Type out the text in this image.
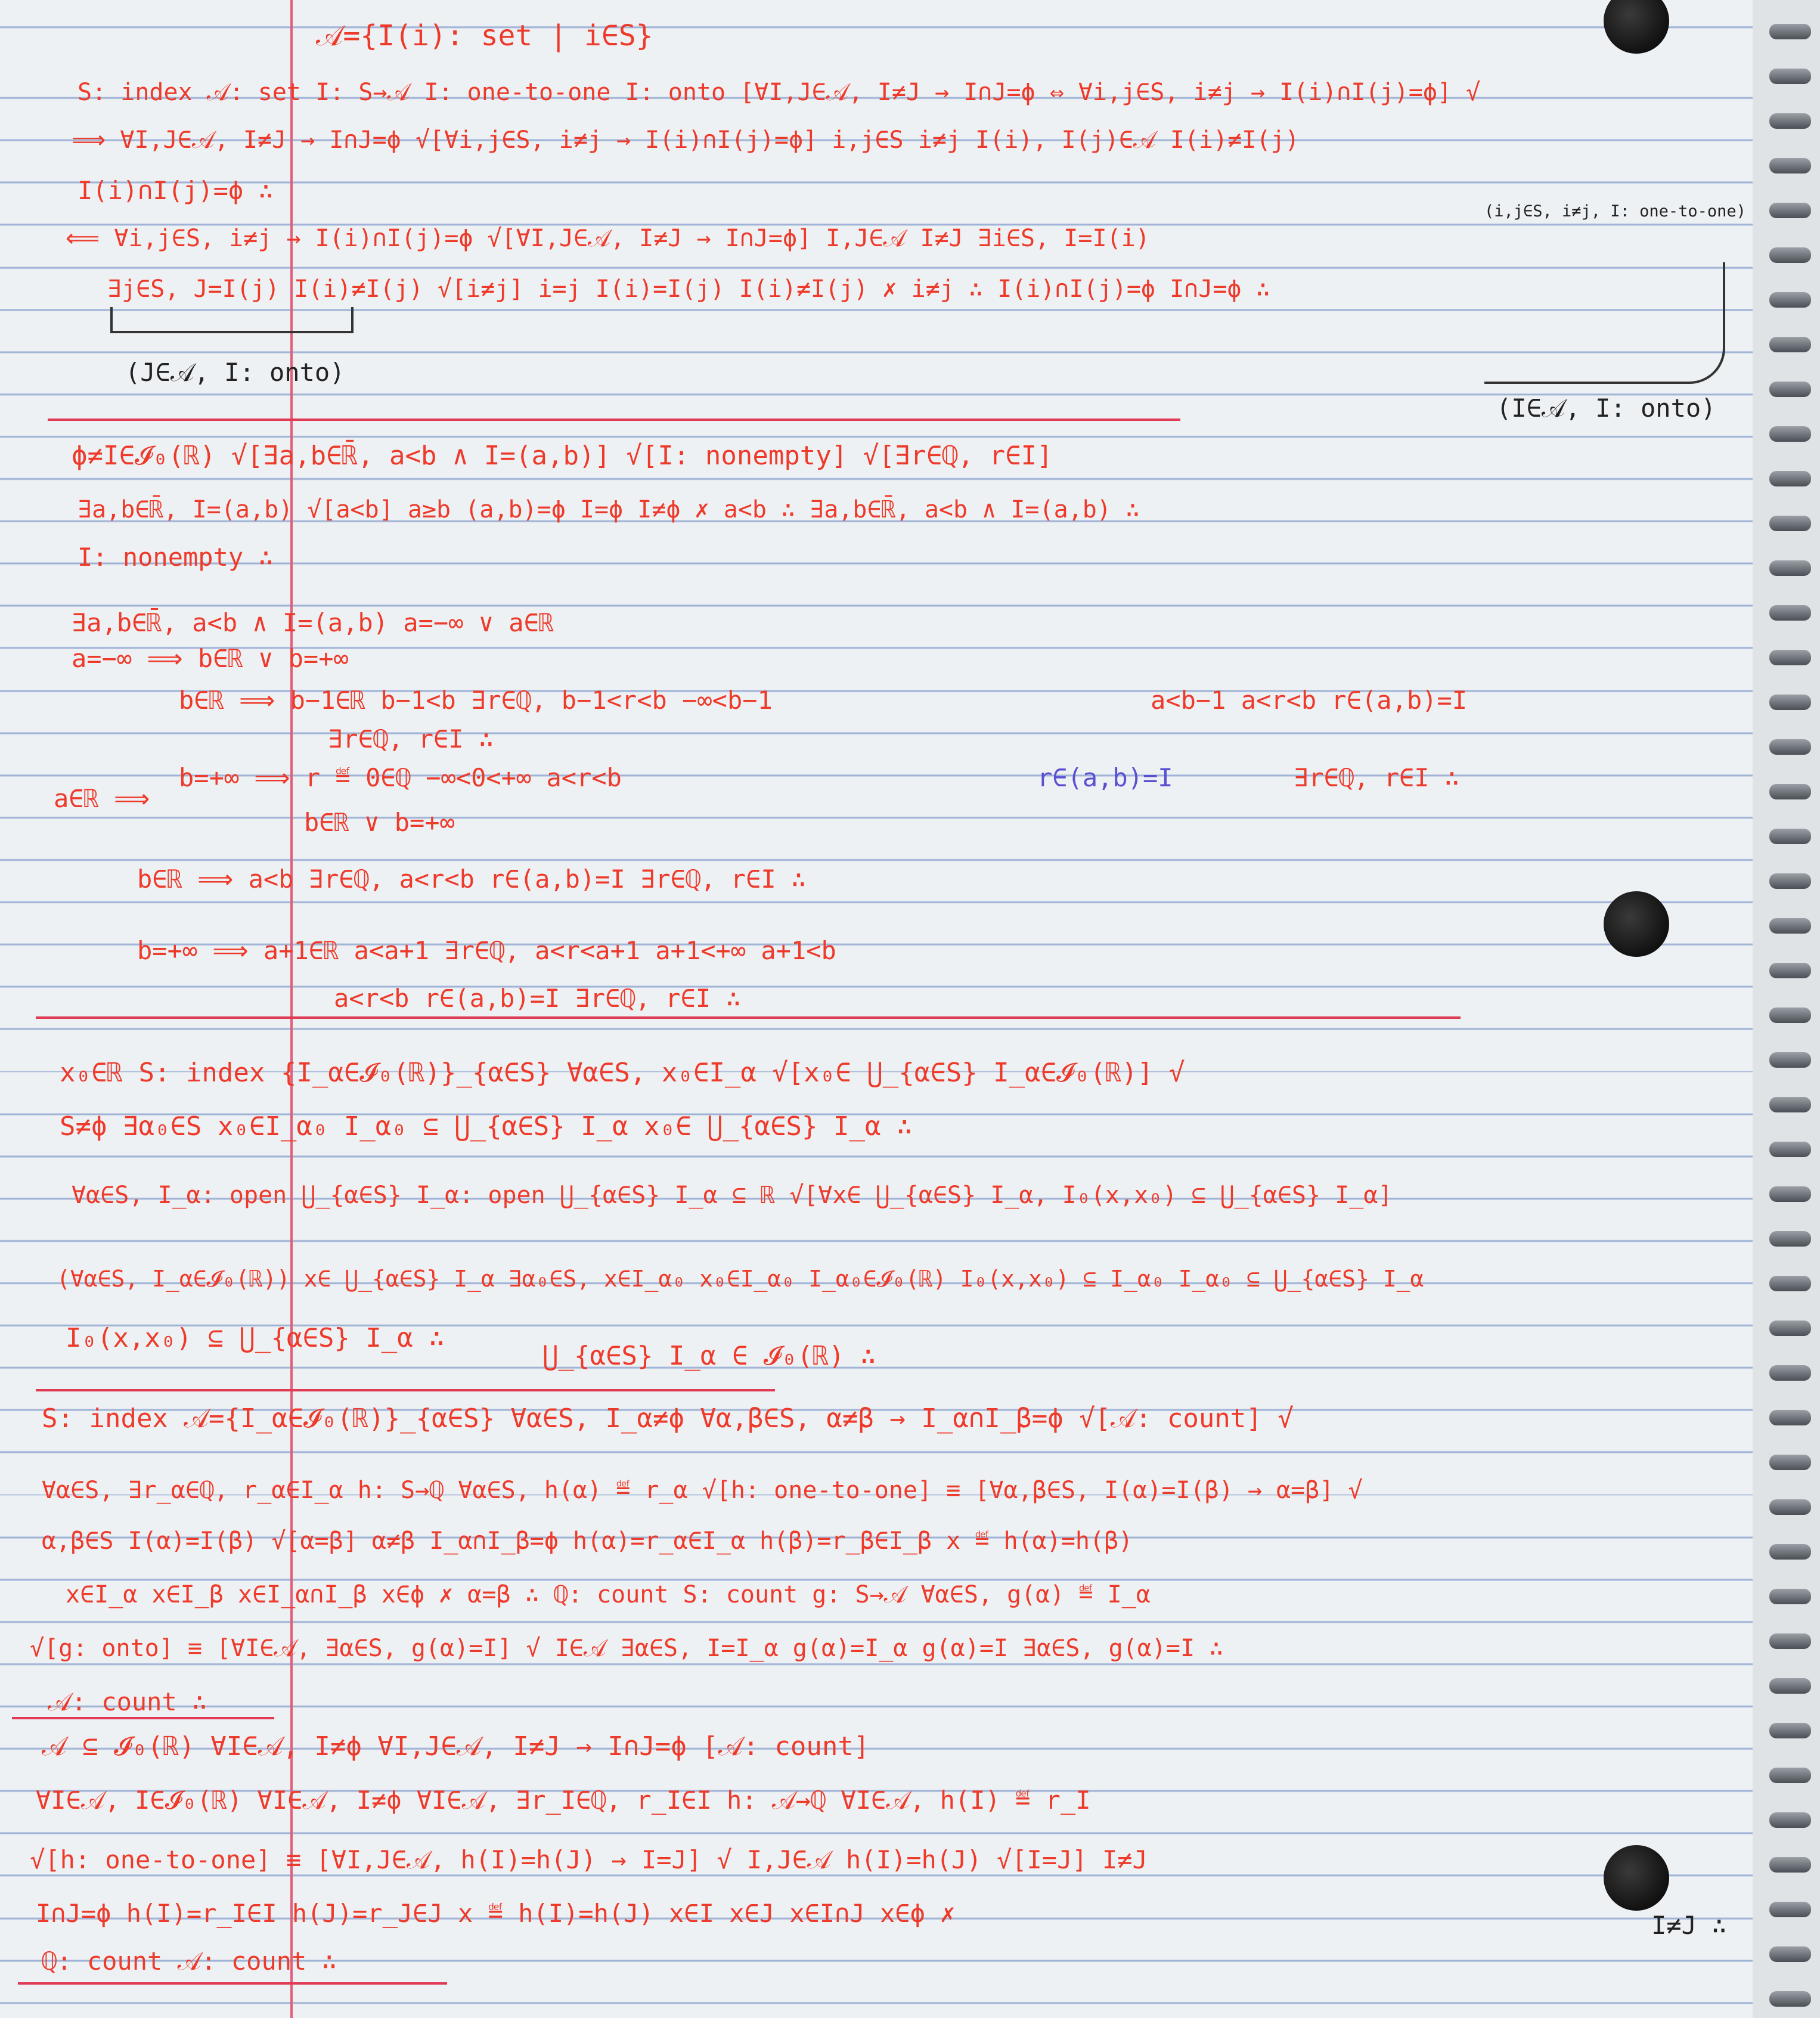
𝒜={I(i): set | i∈S}
S: index 𝒜: set I: S→𝒜 I: one-to-one I: onto [∀I,J∈𝒜, I≠J → I∩J=ϕ ⇔ ∀i,j∈S, i≠j → I(i)∩I(j)=ϕ] √
⟹ ∀I,J∈𝒜, I≠J → I∩J=ϕ √[∀i,j∈S, i≠j → I(i)∩I(j)=ϕ] i,j∈S i≠j I(i), I(j)∈𝒜 I(i)≠I(j)
I(i)∩I(j)=ϕ ∴
(i,j∈S, i≠j, I: one-to-one)
⟸ ∀i,j∈S, i≠j → I(i)∩I(j)=ϕ √[∀I,J∈𝒜, I≠J → I∩J=ϕ] I,J∈𝒜 I≠J ∃i∈S, I=I(i)
∃j∈S, J=I(j) I(i)≠I(j) √[i≠j] i=j I(i)=I(j) I(i)≠I(j) ✗ i≠j ∴ I(i)∩I(j)=ϕ I∩J=ϕ ∴
(J∈𝒜, I: onto)
(I∈𝒜, I: onto)
ϕ≠I∈𝓘₀(ℝ) √[∃a,b∈ℝ̄, a<b ∧ I=(a,b)] √[I: nonempty] √[∃r∈ℚ, r∈I]
∃a,b∈ℝ̄, I=(a,b) √[a<b] a≥b (a,b)=ϕ I=ϕ I≠ϕ ✗ a<b ∴ ∃a,b∈ℝ̄, a<b ∧ I=(a,b) ∴
I: nonempty ∴
∃a,b∈ℝ̄, a<b ∧ I=(a,b) a=−∞ ∨ a∈ℝ
a=−∞ ⟹ b∈ℝ ∨ b=+∞
b∈ℝ ⟹ b−1∈ℝ b−1<b ∃r∈ℚ, b−1<r<b −∞<b−1	a<b−1 a<r<b r∈(a,b)=I
∃r∈ℚ, r∈I ∴
b=+∞ ⟹ r ≝ 0∈ℚ −∞<0<+∞ a<r<b	r∈(a,b)=I	∃r∈ℚ, r∈I ∴
a∈ℝ ⟹
b∈ℝ ∨ b=+∞
b∈ℝ ⟹ a<b ∃r∈ℚ, a<r<b r∈(a,b)=I ∃r∈ℚ, r∈I ∴
b=+∞ ⟹ a+1∈ℝ a<a+1 ∃r∈ℚ, a<r<a+1 a+1<+∞ a+1<b
a<r<b r∈(a,b)=I ∃r∈ℚ, r∈I ∴
x₀∈ℝ S: index {I_α∈𝓘₀(ℝ)}_{α∈S} ∀α∈S, x₀∈I_α √[x₀∈ ⋃_{α∈S} I_α∈𝓘₀(ℝ)] √
S≠ϕ ∃α₀∈S x₀∈I_α₀ I_α₀ ⊆ ⋃_{α∈S} I_α x₀∈ ⋃_{α∈S} I_α ∴
∀α∈S, I_α: open ⋃_{α∈S} I_α: open ⋃_{α∈S} I_α ⊆ ℝ √[∀x∈ ⋃_{α∈S} I_α, I₀(x,x₀) ⊆ ⋃_{α∈S} I_α]
(∀α∈S, I_α∈𝓘₀(ℝ)) x∈ ⋃_{α∈S} I_α ∃α₀∈S, x∈I_α₀ x₀∈I_α₀ I_α₀∈𝓘₀(ℝ) I₀(x,x₀) ⊆ I_α₀ I_α₀ ⊆ ⋃_{α∈S} I_α
I₀(x,x₀) ⊆ ⋃_{α∈S} I_α ∴
⋃_{α∈S} I_α ∈ 𝓘₀(ℝ) ∴
S: index 𝒜={I_α∈𝓘₀(ℝ)}_{α∈S} ∀α∈S, I_α≠ϕ ∀α,β∈S, α≠β → I_α∩I_β=ϕ √[𝒜: count] √
∀α∈S, ∃r_α∈ℚ, r_α∈I_α h: S→ℚ ∀α∈S, h(α) ≝ r_α √[h: one-to-one] ≡ [∀α,β∈S, I(α)=I(β) → α=β] √
α,β∈S I(α)=I(β) √[α=β] α≠β I_α∩I_β=ϕ h(α)=r_α∈I_α h(β)=r_β∈I_β x ≝ h(α)=h(β)
x∈I_α x∈I_β x∈I_α∩I_β x∈ϕ ✗ α=β ∴ ℚ: count S: count g: S→𝒜 ∀α∈S, g(α) ≝ I_α
√[g: onto] ≡ [∀I∈𝒜, ∃α∈S, g(α)=I] √ I∈𝒜 ∃α∈S, I=I_α g(α)=I_α g(α)=I ∃α∈S, g(α)=I ∴
𝒜: count ∴
𝒜 ⊆ 𝓘₀(ℝ) ∀I∈𝒜, I≠ϕ ∀I,J∈𝒜, I≠J → I∩J=ϕ [𝒜: count]
∀I∈𝒜, I∈𝓘₀(ℝ) ∀I∈𝒜, I≠ϕ ∀I∈𝒜, ∃r_I∈ℚ, r_I∈I h: 𝒜→ℚ ∀I∈𝒜, h(I) ≝ r_I
√[h: one-to-one] ≡ [∀I,J∈𝒜, h(I)=h(J) → I=J] √ I,J∈𝒜 h(I)=h(J) √[I=J] I≠J
I∩J=ϕ h(I)=r_I∈I h(J)=r_J∈J x ≝ h(I)=h(J) x∈I x∈J x∈I∩J x∈ϕ ✗	I≠J ∴
ℚ: count 𝒜: count ∴
